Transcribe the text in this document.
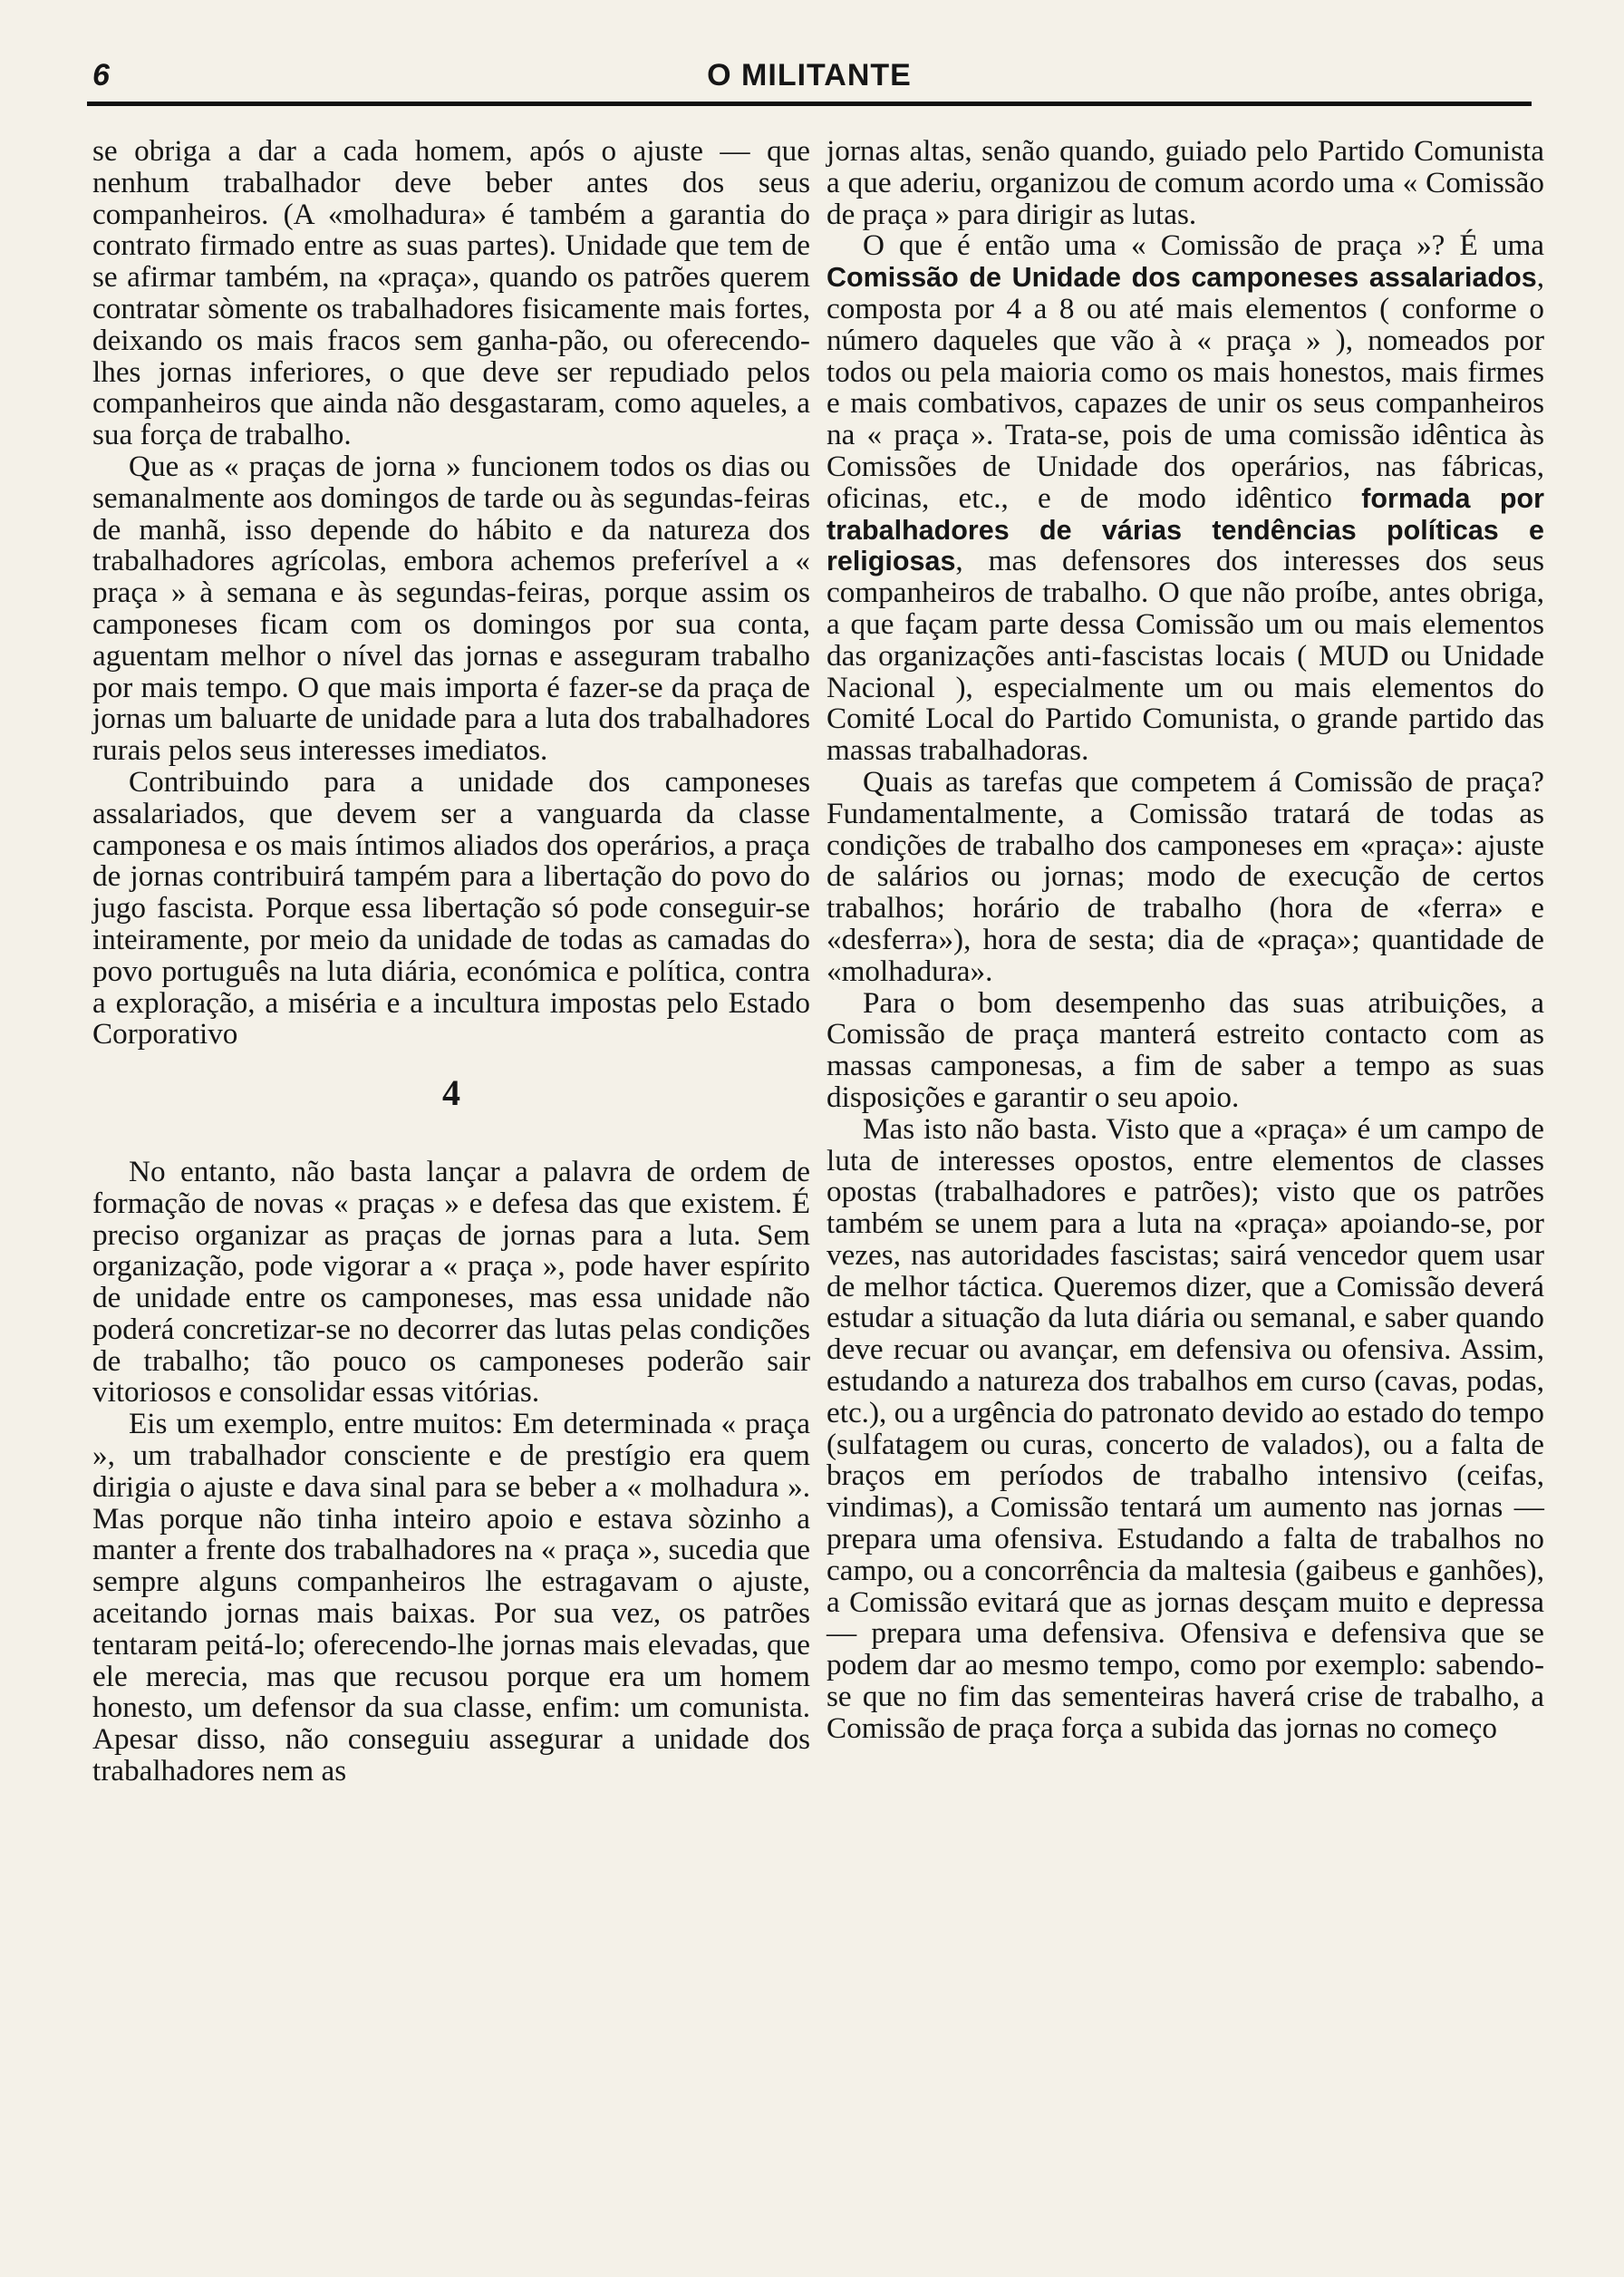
6	O MILITANTE

se obriga a dar a cada homem, após o ajuste — que nenhum trabalhador deve beber antes dos seus companheiros. (A «molhadura» é também a garantia do contrato firmado entre as suas partes). Unidade que tem de se afirmar também, na «praça», quando os patrões querem contratar sòmente os trabalhadores fisicamente mais fortes, deixando os mais fracos sem ganha-pão, ou oferecendo-lhes jornas inferiores, o que deve ser repudiado pelos companheiros que ainda não desgastaram, como aqueles, a sua força de trabalho.

Que as « praças de jorna » funcionem todos os dias ou semanalmente aos domingos de tarde ou às segundas-feiras de manhã, isso depende do hábito e da natureza dos trabalhadores agrícolas, embora achemos preferível a « praça » à semana e às segundas-feiras, porque assim os camponeses ficam com os domingos por sua conta, aguentam melhor o nível das jornas e asseguram trabalho por mais tempo. O que mais importa é fazer-se da praça de jornas um baluarte de unidade para a luta dos trabalhadores rurais pelos seus interesses imediatos.

Contribuindo para a unidade dos camponeses assalariados, que devem ser a vanguarda da classe camponesa e os mais íntimos aliados dos operários, a praça de jornas contribuirá tampém para a libertação do povo do jugo fascista. Porque essa libertação só pode conseguir-se inteiramente, por meio da unidade de todas as camadas do povo português na luta diária, económica e política, contra a exploração, a miséria e a incultura impostas pelo Estado Corporativo

4

No entanto, não basta lançar a palavra de ordem de formação de novas « praças » e defesa das que existem. É preciso organizar as praças de jornas para a luta. Sem organização, pode vigorar a « praça », pode haver espírito de unidade entre os camponeses, mas essa unidade não poderá concretizar-se no decorrer das lutas pelas condições de trabalho; tão pouco os camponeses poderão sair vitoriosos e consolidar essas vitórias.

Eis um exemplo, entre muitos: Em determinada « praça », um trabalhador consciente e de prestígio era quem dirigia o ajuste e dava sinal para se beber a « molhadura ». Mas porque não tinha inteiro apoio e estava sòzinho a manter a frente dos trabalhadores na « praça », sucedia que sempre alguns companheiros lhe estragavam o ajuste, aceitando jornas mais baixas. Por sua vez, os patrões tentaram peitá-lo; oferecendo-lhe jornas mais elevadas, que ele merecia, mas que recusou porque era um homem honesto, um defensor da sua classe, enfim: um comunista. Apesar disso, não conseguiu assegurar a unidade dos trabalhadores nem as

jornas altas, senão quando, guiado pelo Partido Comunista a que aderiu, organizou de comum acordo uma « Comissão de praça » para dirigir as lutas.

O que é então uma « Comissão de praça »? É uma Comissão de Unidade dos camponeses assalariados, composta por 4 a 8 ou até mais elementos ( conforme o número daqueles que vão à « praça » ), nomeados por todos ou pela maioria como os mais honestos, mais firmes e mais combativos, capazes de unir os seus companheiros na « praça ». Trata-se, pois de uma comissão idêntica às Comissões de Unidade dos operários, nas fábricas, oficinas, etc., e de modo idêntico formada por trabalhadores de várias tendências políticas e religiosas, mas defensores dos interesses dos seus companheiros de trabalho. O que não proíbe, antes obriga, a que façam parte dessa Comissão um ou mais elementos das organizações anti-fascistas locais ( MUD ou Unidade Nacional ), especialmente um ou mais elementos do Comité Local do Partido Comunista, o grande partido das massas trabalhadoras.

Quais as tarefas que competem á Comissão de praça? Fundamentalmente, a Comissão tratará de todas as condições de trabalho dos camponeses em «praça»: ajuste de salários ou jornas; modo de execução de certos trabalhos; horário de trabalho (hora de «ferra» e «desferra»), hora de sesta; dia de «praça»; quantidade de «molhadura».

Para o bom desempenho das suas atribuições, a Comissão de praça manterá estreito contacto com as massas camponesas, a fim de saber a tempo as suas disposições e garantir o seu apoio.

Mas isto não basta. Visto que a «praça» é um campo de luta de interesses opostos, entre elementos de classes opostas (trabalhadores e patrões); visto que os patrões também se unem para a luta na «praça» apoiando-se, por vezes, nas autoridades fascistas; sairá vencedor quem usar de melhor táctica. Queremos dizer, que a Comissão deverá estudar a situação da luta diária ou semanal, e saber quando deve recuar ou avançar, em defensiva ou ofensiva. Assim, estudando a natureza dos trabalhos em curso (cavas, podas, etc.), ou a urgência do patronato devido ao estado do tempo (sulfatagem ou curas, concerto de valados), ou a falta de braços em períodos de trabalho intensivo (ceifas, vindimas), a Comissão tentará um aumento nas jornas — prepara uma ofensiva. Estudando a falta de trabalhos no campo, ou a concorrência da maltesia (gaibeus e ganhões), a Comissão evitará que as jornas desçam muito e depressa — prepara uma defensiva. Ofensiva e defensiva que se podem dar ao mesmo tempo, como por exemplo: sabendo-se que no fim das sementeiras haverá crise de trabalho, a Comissão de praça força a subida das jornas no começo
